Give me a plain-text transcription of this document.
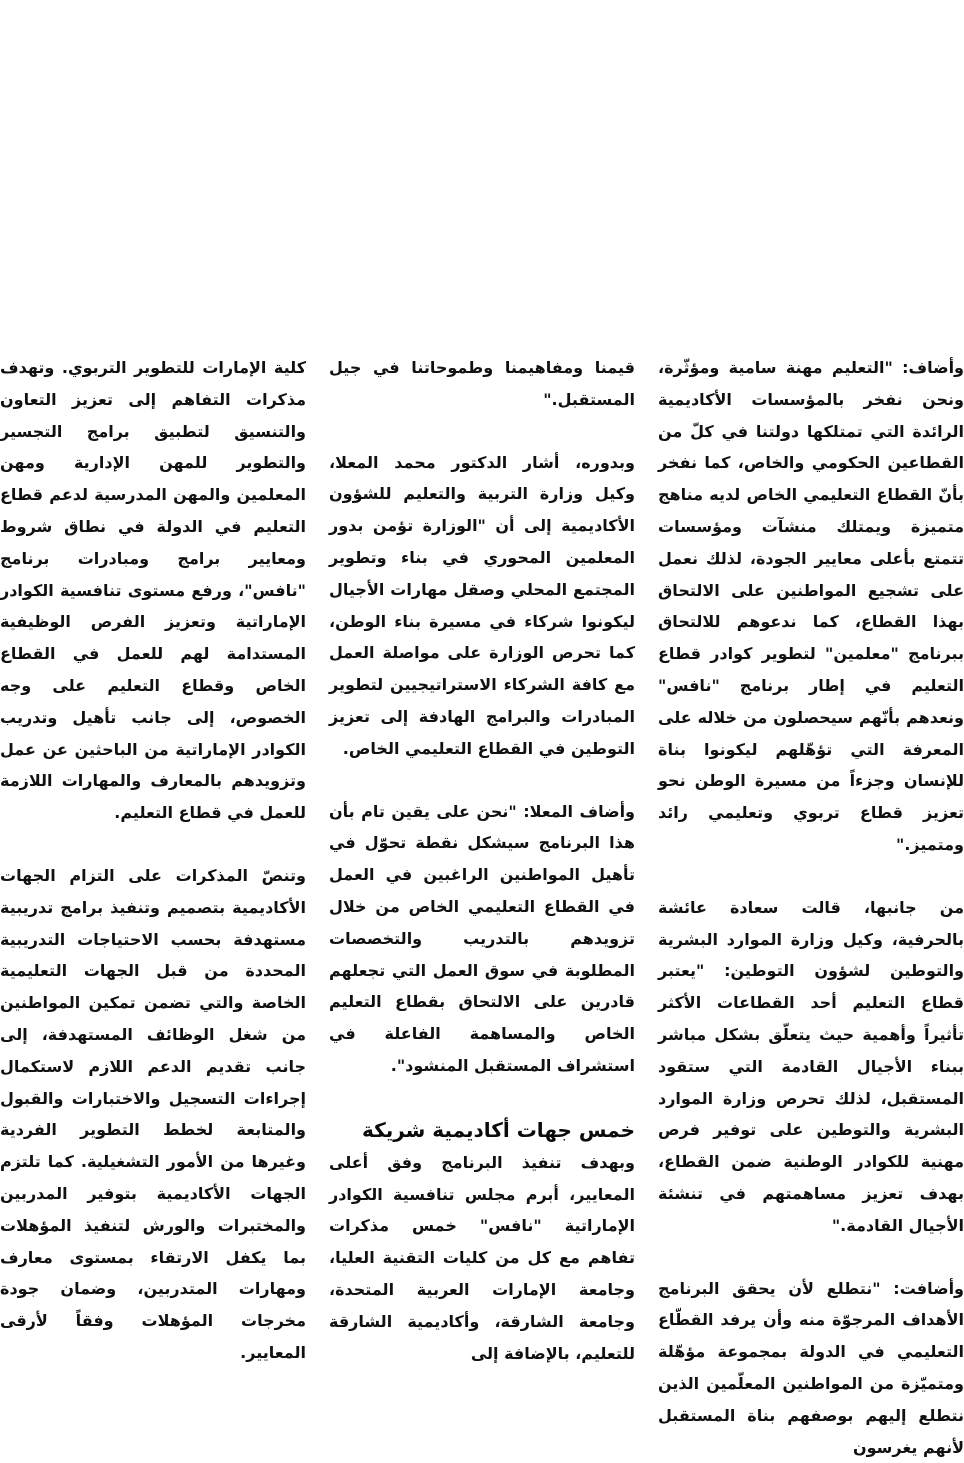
وأضاف: "التعليم مهنة سامية ومؤثّرة، ونحن نفخر بالمؤسسات الأكاديمية الرائدة التي تمتلكها دولتنا في كلّ من القطاعين الحكومي والخاص، كما نفخر بأنّ القطاع التعليمي الخاص لديه مناهج متميزة ويمتلك منشآت ومؤسسات تتمتع بأعلى معايير الجودة، لذلك نعمل على تشجيع المواطنين على الالتحاق بهذا القطاع، كما ندعوهم للالتحاق ببرنامج "معلمين" لتطوير كوادر قطاع التعليم في إطار برنامج "نافس" ونعدهم بأنّهم سيحصلون من خلاله على المعرفة التي تؤهّلهم ليكونوا بناة للإنسان وجزءاً من مسيرة الوطن نحو تعزيز قطاع تربوي وتعليمي رائد ومتميز."

من جانبها، قالت سعادة عائشة بالحرفية، وكيل وزارة الموارد البشرية والتوطين لشؤون التوطين: "يعتبر قطاع التعليم أحد القطاعات الأكثر تأثيراً وأهمية حيث يتعلّق بشكل مباشر ببناء الأجيال القادمة التي ستقود المستقبل، لذلك تحرص وزارة الموارد البشرية والتوطين على توفير فرص مهنية للكوادر الوطنية ضمن القطاع، بهدف تعزيز مساهمتهم في تنشئة الأجيال القادمة."

وأضافت: "نتطلع لأن يحقق البرنامج الأهداف المرجوّة منه وأن يرفد القطّاع التعليمي في الدولة بمجموعة مؤهّلة ومتميّزة من المواطنين المعلّمين الذين نتطلع إليهم بوصفهم بناة المستقبل لأنهم يغرسون

قيمنا ومفاهيمنا وطموحاتنا في جيل المستقبل."

وبدوره، أشار الدكتور محمد المعلا، وكيل وزارة التربية والتعليم للشؤون الأكاديمية إلى أن "الوزارة تؤمن بدور المعلمين المحوري في بناء وتطوير المجتمع المحلي وصقل مهارات الأجيال ليكونوا شركاء في مسيرة بناء الوطن، كما تحرص الوزارة على مواصلة العمل مع كافة الشركاء الاستراتيجيين لتطوير المبادرات والبرامج الهادفة إلى تعزيز التوطين في القطاع التعليمي الخاص.

وأضاف المعلا: "نحن على يقين تام بأن هذا البرنامج سيشكل نقطة تحوّل في تأهيل المواطنين الراغبين في العمل في القطاع التعليمي الخاص من خلال تزويدهم بالتدريب والتخصصات المطلوبة في سوق العمل التي تجعلهم قادرين على الالتحاق بقطاع التعليم الخاص والمساهمة الفاعلة في استشراف المستقبل المنشود".

خمس جهات أكاديمية شريكة

وبهدف تنفيذ البرنامج وفق أعلى المعايير، أبرم مجلس تنافسية الكوادر الإماراتية "نافس" خمس مذكرات تفاهم مع كل من كليات التقنية العليا، وجامعة الإمارات العربية المتحدة، وجامعة الشارقة، وأكاديمية الشارقة للتعليم، بالإضافة إلى

كلية الإمارات للتطوير التربوي. وتهدف مذكرات التفاهم إلى تعزيز التعاون والتنسيق لتطبيق برامج التجسير والتطوير للمهن الإدارية ومهن المعلمين والمهن المدرسية لدعم قطاع التعليم في الدولة في نطاق شروط ومعايير برامج ومبادرات برنامج "نافس"، ورفع مستوى تنافسية الكوادر الإماراتية وتعزيز الفرص الوظيفية المستدامة لهم للعمل في القطاع الخاص وقطاع التعليم على وجه الخصوص، إلى جانب تأهيل وتدريب الكوادر الإماراتية من الباحثين عن عمل وتزويدهم بالمعارف والمهارات اللازمة للعمل في قطاع التعليم.

وتنصّ المذكرات على التزام الجهات الأكاديمية بتصميم وتنفيذ برامج تدريبية مستهدفة بحسب الاحتياجات التدريبية المحددة من قبل الجهات التعليمية الخاصة والتي تضمن تمكين المواطنين من شغل الوظائف المستهدفة، إلى جانب تقديم الدعم اللازم لاستكمال إجراءات التسجيل والاختبارات والقبول والمتابعة لخطط التطوير الفردية وغيرها من الأمور التشغيلية. كما تلتزم الجهات الأكاديمية بتوفير المدربين والمختبرات والورش لتنفيذ المؤهلات بما يكفل الارتقاء بمستوى معارف ومهارات المتدربين، وضمان جودة مخرجات المؤهلات وفقاً لأرقى المعايير.
